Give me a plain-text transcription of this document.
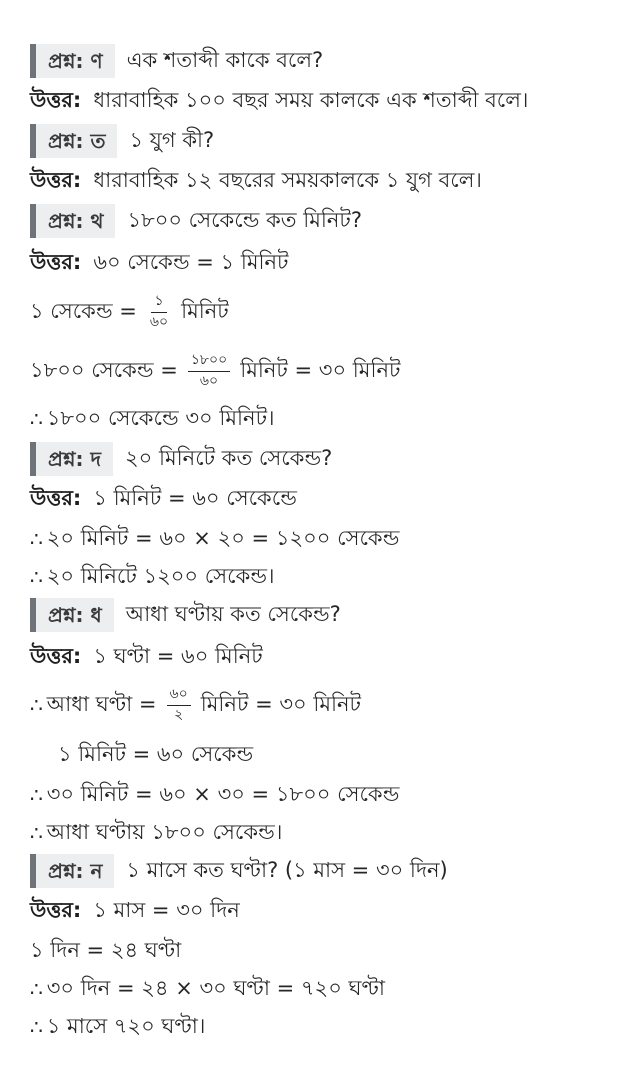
প্রশ্ন: ণ	এক শতাব্দী কাকে বলে?
উত্তর: ধারাবাহিক ১০০ বছর সময় কালকে এক শতাব্দী বলে।
প্রশ্ন: ত	১ যুগ কী?
উত্তর: ধারাবাহিক ১২ বছরের সময়কালকে ১ যুগ বলে।
প্রশ্ন: থ	১৮০০ সেকেন্ডে কত মিনিট?
উত্তর: ৬০ সেকেন্ড = ১ মিনিট
১ সেকেন্ড = $\frac{১}{৬০}$ মিনিট
১৮০০ সেকেন্ড = $\frac{১৮০০}{৬০}$ মিনিট = ৩০ মিনিট
∴ ১৮০০ সেকেন্ডে ৩০ মিনিট।
প্রশ্ন: দ	২০ মিনিটে কত সেকেন্ড?
উত্তর: ১ মিনিট = ৬০ সেকেন্ডে
∴ ২০ মিনিট = ৬০ × ২০ = ১২০০ সেকেন্ড
∴ ২০ মিনিটে ১২০০ সেকেন্ড।
প্রশ্ন: ধ	আধা ঘণ্টায় কত সেকেন্ড?
উত্তর: ১ ঘণ্টা = ৬০ মিনিট
∴ আধা ঘণ্টা = $\frac{৬০}{২}$ মিনিট = ৩০ মিনিট
১ মিনিট = ৬০ সেকেন্ড
∴ ৩০ মিনিট = ৬০ × ৩০ = ১৮০০ সেকেন্ড
∴ আধা ঘণ্টায় ১৮০০ সেকেন্ড।
প্রশ্ন: ন	১ মাসে কত ঘণ্টা? (১ মাস = ৩০ দিন)
উত্তর: ১ মাস = ৩০ দিন
১ দিন = ২৪ ঘণ্টা
∴ ৩০ দিন = ২৪ × ৩০ ঘণ্টা = ৭২০ ঘণ্টা
∴ ১ মাসে ৭২০ ঘণ্টা।
